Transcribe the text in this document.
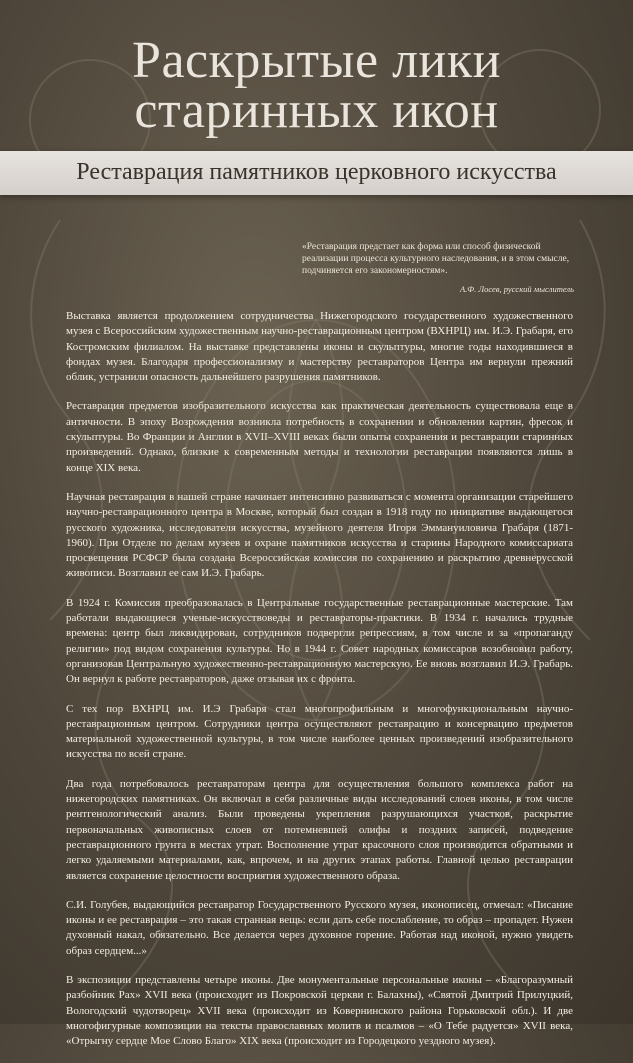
Раскрытые лики
старинных икон
Реставрация памятников церковного искусства

«Реставрация предстает как форма или способ физической реализации процесса культурного наследования, и в этом смысле, подчиняется его закономерностям».

А.Ф. Лосев, русский мыслитель

Выставка является продолжением сотрудничества Нижегородского государственного художественного музея с Всероссийским художественным научно-реставрационным центром (ВХНРЦ) им. И.Э. Грабаря, его Костромским филиалом. На выставке представлены иконы и скульптуры, многие годы находившиеся в фондах музея. Благодаря профессионализму и мастерству реставраторов Центра им вернули прежний облик, устранили опасность дальнейшего разрушения памятников.

Реставрация предметов изобразительного искусства как практическая деятельность существовала еще в античности. В эпоху Возрождения возникла потребность в сохранении и обновлении картин, фресок и скульптуры. Во Франции и Англии в XVII–XVIII веках были опыты сохранения и реставрации старинных произведений. Однако, близкие к современным методы и технологии реставрации появляются лишь в конце XIX века.

Научная реставрация в нашей стране начинает интенсивно развиваться с момента организации старейшего научно-реставрационного центра в Москве, который был создан в 1918 году по инициативе выдающегося русского художника, исследователя искусства, музейного деятеля Игоря Эммануиловича Грабаря (1871-1960). При Отделе по делам музеев и охране памятников искусства и старины Народного комиссариата просвещения РСФСР была создана Всероссийская комиссия по сохранению и раскрытию древнерусской живописи. Возглавил ее сам И.Э. Грабарь.

В 1924 г. Комиссия преобразовалась в Центральные государственные реставрационные мастерские. Там работали выдающиеся ученые-искусствоведы и реставраторы-практики. В 1934 г. начались трудные времена: центр был ликвидирован, сотрудников подвергли репрессиям, в том числе и за «пропаганду религии» под видом сохранения культуры. Но в 1944 г. Совет народных комиссаров возобновил работу, организовав Центральную художественно-реставрационную мастерскую. Ее вновь возглавил И.Э. Грабарь. Он вернул к работе реставраторов, даже отзывая их с фронта.

С тех пор ВХНРЦ им. И.Э Грабаря стал многопрофильным и многофункциональным научно-реставрационным центром. Сотрудники центра осуществляют реставрацию и консервацию предметов материальной художественной культуры, в том числе наиболее ценных произведений изобразительного искусства по всей стране.

Два года потребовалось реставраторам центра для осуществления большого комплекса работ на нижегородских памятниках. Он включал в себя различные виды исследований слоев иконы, в том числе рентгенологический анализ. Были проведены укрепления разрушающихся участков, раскрытие первоначальных живописных слоев от потемневшей олифы и поздних записей, подведение реставрационного грунта в местах утрат. Восполнение утрат красочного слоя производится обратными и легко удаляемыми материалами, как, впрочем, и на других этапах работы. Главной целью реставрации является сохранение целостности восприятия художественного образа.

С.И. Голубев, выдающийся реставратор Государственного Русского музея, иконописец, отмечал: «Писание иконы и ее реставрация – это такая странная вещь: если дать себе послабление, то образ – пропадет. Нужен духовный накал, обязательно. Все делается через духовное горение. Работая над иконой, нужно увидеть образ сердцем...»

В экспозиции представлены четыре иконы. Две монументальные персональные иконы – «Благоразумный разбойник Рах» XVII века (происходит из Покровской церкви г. Балахны), «Святой Дмитрий Прилуцкий, Вологодский чудотворец» XVII века (происходит из Ковернинского района Горьковской обл.). И две многофигурные композиции на тексты православных молитв и псалмов – «О Тебе радуется» XVII века, «Отрыгну сердце Мое Слово Благо» XIX века (происходит из Городецкого уездного музея).
